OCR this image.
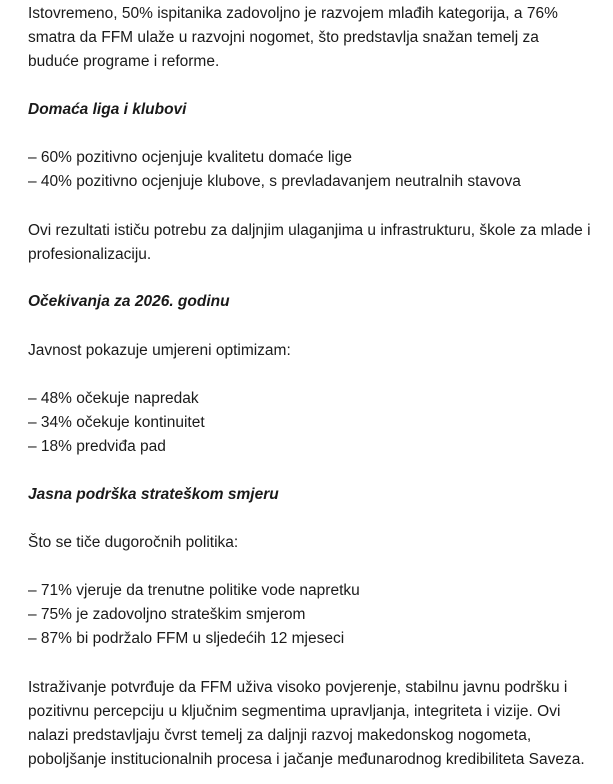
Istovremeno, 50% ispitanika zadovoljno je razvojem mlađih kategorija, a 76%
smatra da FFM ulaže u razvojni nogomet, što predstavlja snažan temelj za
buduće programe i reforme.
Domaća liga i klubovi
– 60% pozitivno ocjenjuje kvalitetu domaće lige
– 40% pozitivno ocjenjuje klubove, s prevladavanjem neutralnih stavova
Ovi rezultati ističu potrebu za daljnjim ulaganjima u infrastrukturu, škole za mlade i
profesionalizaciju.
Očekivanja za 2026. godinu
Javnost pokazuje umjereni optimizam:
– 48% očekuje napredak
– 34% očekuje kontinuitet
– 18% predviđa pad
Jasna podrška strateškom smjeru
Što se tiče dugoročnih politika:
– 71% vjeruje da trenutne politike vode napretku
– 75% je zadovoljno strateškim smjerom
– 87% bi podržalo FFM u sljedećih 12 mjeseci
Istraživanje potvrđuje da FFM uživa visoko povjerenje, stabilnu javnu podršku i
pozitivnu percepciju u ključnim segmentima upravljanja, integriteta i vizije. Ovi
nalazi predstavljaju čvrst temelj za daljnji razvoj makedonskog nogometa,
poboljšanje institucionalnih procesa i jačanje međunarodnog kredibiliteta Saveza.
